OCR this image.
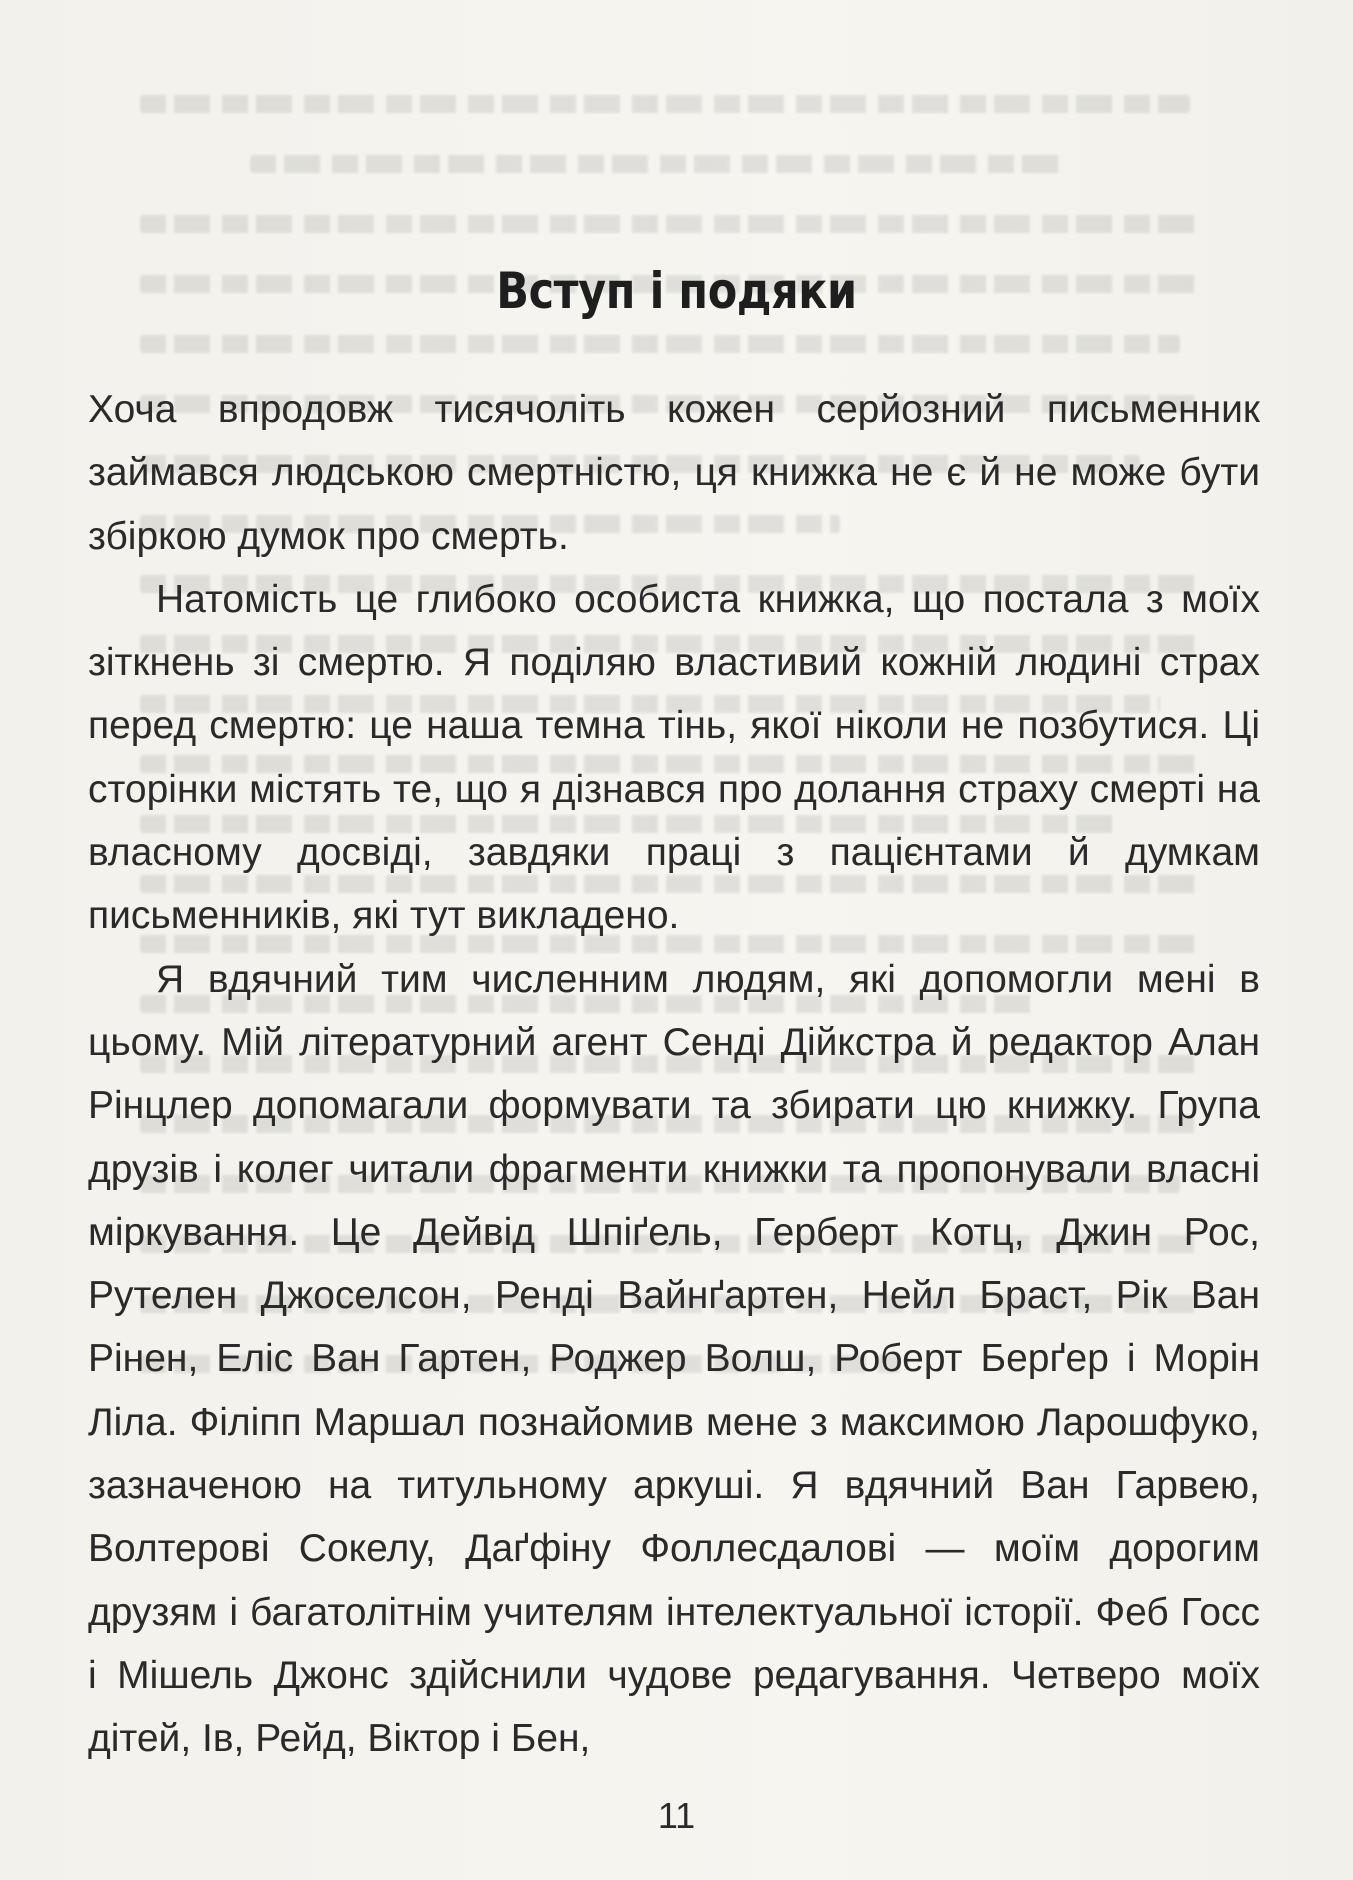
Вступ і подяки

Хоча впродовж тисячоліть кожен серйозний письменник займався людською смертністю, ця книжка не є й не може бути збіркою думок про смерть.

Натомість це глибоко особиста книжка, що постала з моїх зіткнень зі смертю. Я поділяю властивий кожній людині страх перед смертю: це наша темна тінь, якої ніколи не позбутися. Ці сторінки містять те, що я дізнався про долання страху смерті на власному досвіді, завдяки праці з пацієнтами й думкам письменників, які тут викладено.

Я вдячний тим численним людям, які допомогли мені в цьому. Мій літературний агент Сенді Дійкстра й редактор Алан Рінцлер допомагали формувати та збирати цю книжку. Група друзів і колег читали фрагменти книжки та пропонували власні міркування. Це Дейвід Шпіґель, Герберт Котц, Джин Рос, Рутелен Джоселсон, Ренді Вайнґартен, Нейл Браст, Рік Ван Рінен, Еліс Ван Гартен, Роджер Волш, Роберт Берґер і Морін Ліла. Філіпп Маршал познайомив мене з максимою Ларошфуко, зазначеною на титульному аркуші. Я вдячний Ван Гарвею, Волтерові Сокелу, Даґфіну Фоллесдалові — моїм дорогим друзям і багатолітнім учителям інтелектуальної історії. Феб Госс і Мішель Джонс здійснили чудове редагування. Четверо моїх дітей, Ів, Рейд, Віктор і Бен,

11
